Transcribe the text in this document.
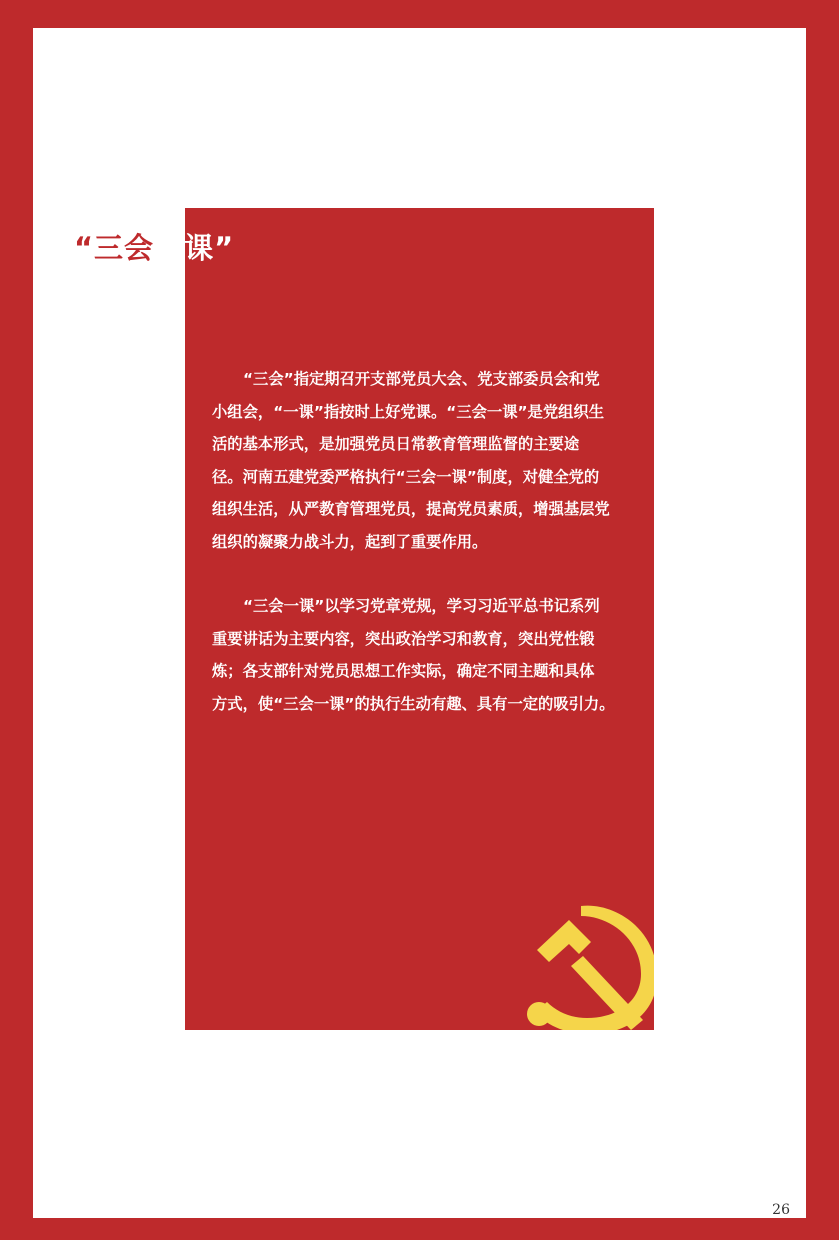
“三会”指定期召开支部党员大会、党支部委员会和党
小组会，“一课”指按时上好党课。“三会一课”是党组织生
活的基本形式，是加强党员日常教育管理监督的主要途
径。河南五建党委严格执行“三会一课”制度，对健全党的
组织生活，从严教育管理党员，提高党员素质，增强基层党
组织的凝聚力战斗力，起到了重要作用。

“三会一课”以学习党章党规，学习习近平总书记系列
重要讲话为主要内容，突出政治学习和教育，突出党性锻
炼；各支部针对党员思想工作实际，确定不同主题和具体
方式，使“三会一课”的执行生动有趣、具有一定的吸引力。

26
“三会一课”
